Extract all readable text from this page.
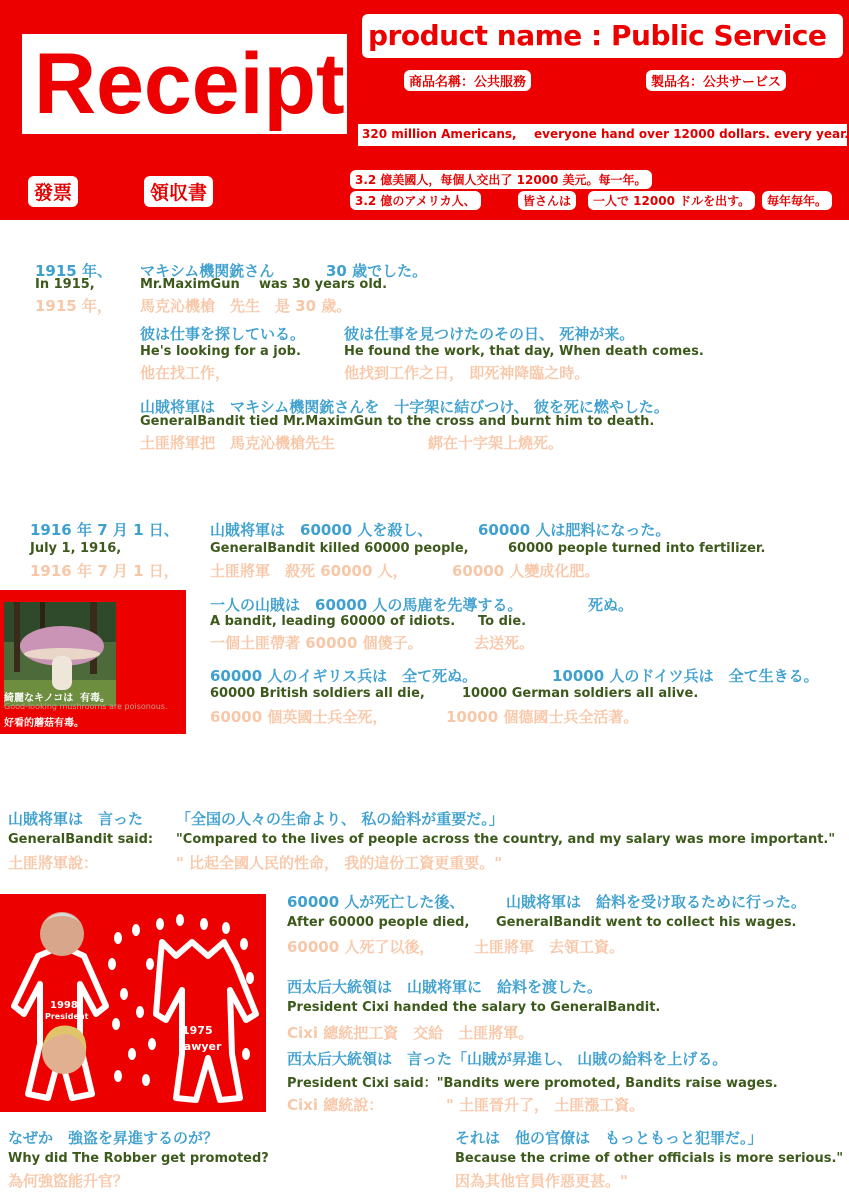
Receipt
product name : Public Service
商品名稱：公共服務	製品名：公共サービス
320 million Americans, everyone hand over 12000 dollars. every year.
發票	領収書
3.2 億美國人，每個人交出了 12000 美元。每一年。
3.2 億のアメリカ人、	皆さんは	一人で 12000 ドルを出す。	毎年毎年。
1915 年、 マキシム機関銃さん	30 歳でした。
In 1915,	Mr.MaximGun was 30 years old.
1915 年， 馬克沁機槍　先生　是 30 歲。
彼は仕事を探している。	彼は仕事を見つけたのその日、 死神が来。
He's looking for a job.	He found the work, that day, When death comes.
他在找工作，	他找到工作之日， 即死神降臨之時。
山賊将軍は　マキシム機関銃さんを　十字架に結びつけ、 彼を死に燃やした。
GeneralBandit tied Mr.MaximGun to the cross and burnt him to death.
土匪將軍把　馬克沁機槍先生	綁在十字架上燒死。
1916 年 7 月 1 日、 山賊将軍は　60000 人を殺し、	60000 人は肥料になった。
July 1, 1916,	GeneralBandit killed 60000 people,	60000 people turned into fertilizer.
1916 年 7 月 1 日， 土匪將軍　殺死 60000 人，	60000 人變成化肥。
綺麗なキノコは 有毒。
Good-looking mushrooms are poisonous.
好看的蘑菇有毒。
一人の山賊は　60000 人の馬鹿を先導する。	死ぬ。
A bandit, leading 60000 of idiots. To die.
一個土匪帶著 60000 個傻子。	去送死。
60000 人のイギリス兵は　全て死ぬ。	10000 人のドイツ兵は　全て生きる。
60000 British soldiers all die,	10000 German soldiers all alive.
60000 個英國士兵全死，	10000 個德國士兵全活著。
山賊将軍は　言った 「全国の人々の生命より、 私の給料が重要だ。」
GeneralBandit said: "Compared to the lives of people across the country, and my salary was more important."
土匪將軍說：	" 比起全國人民的性命， 我的這份工資更重要。"
1998
President
1975
lawyer
60000 人が死亡した後、	山賊将軍は　給料を受け取るために行った。
After 60000 people died, GeneralBandit went to collect his wages.
60000 人死了以後，	土匪將軍　去領工資。
西太后大統領は　山賊将軍に　給料を渡した。
President Cixi handed the salary to GeneralBandit.
Cixi 總統把工資　交給　土匪將軍。
西太后大統領は　言った「山賊が昇進し、 山賊の給料を上げる。
President Cixi said："Bandits were promoted, Bandits raise wages.
Cixi 總統說：	" 土匪晉升了， 土匪漲工資。
なぜか　強盗を昇進するのが？
Why did The Robber get promoted?
為何強盜能升官？
それは　他の官僚は　もっともっと犯罪だ。」
Because the crime of other officials is more serious."
因為其他官員作惡更甚。"
